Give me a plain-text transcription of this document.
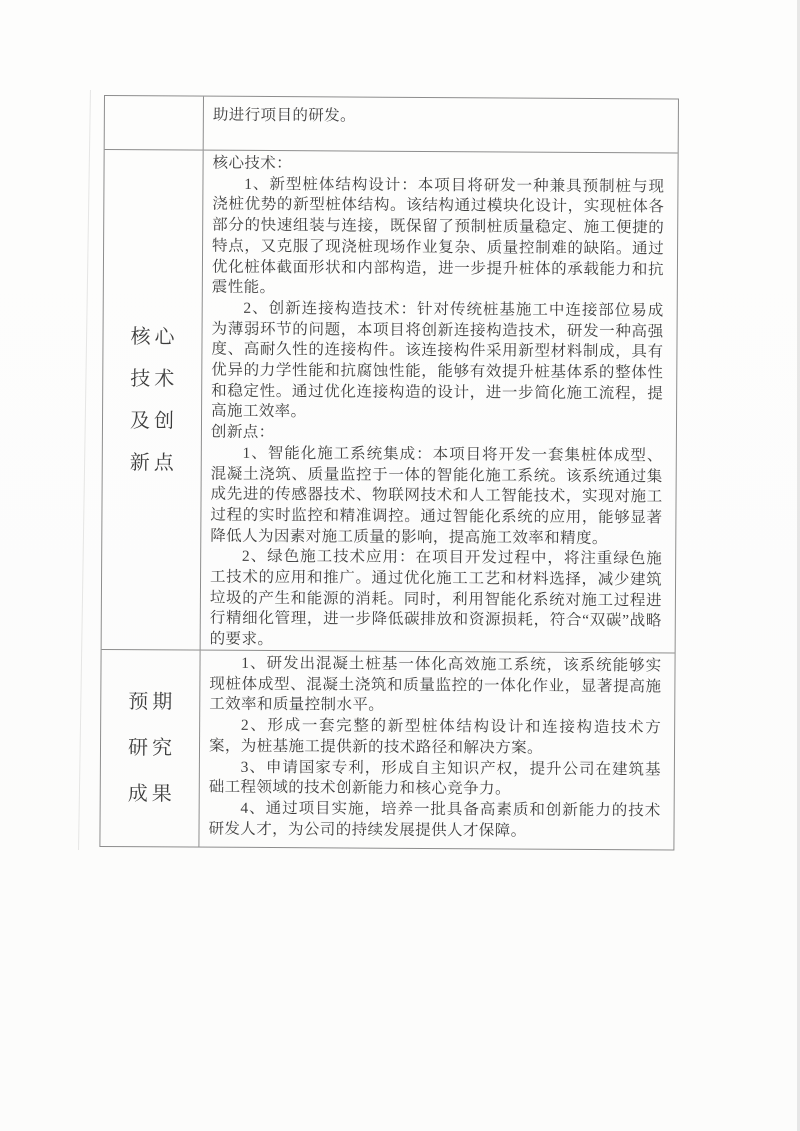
助进行项目的研发。

核心
技术
及创
新点

核心技术：

1、新型桩体结构设计：本项目将研发一种兼具预制桩与现浇桩优势的新型桩体结构。该结构通过模块化设计，实现桩体各部分的快速组装与连接，既保留了预制桩质量稳定、施工便捷的特点，又克服了现浇桩现场作业复杂、质量控制难的缺陷。通过优化桩体截面形状和内部构造，进一步提升桩体的承载能力和抗震性能。

2、创新连接构造技术：针对传统桩基施工中连接部位易成为薄弱环节的问题，本项目将创新连接构造技术，研发一种高强度、高耐久性的连接构件。该连接构件采用新型材料制成，具有优异的力学性能和抗腐蚀性能，能够有效提升桩基体系的整体性和稳定性。通过优化连接构造的设计，进一步简化施工流程，提高施工效率。

创新点：

1、智能化施工系统集成：本项目将开发一套集桩体成型、混凝土浇筑、质量监控于一体的智能化施工系统。该系统通过集成先进的传感器技术、物联网技术和人工智能技术，实现对施工过程的实时监控和精准调控。通过智能化系统的应用，能够显著降低人为因素对施工质量的影响，提高施工效率和精度。

2、绿色施工技术应用：在项目开发过程中，将注重绿色施工技术的应用和推广。通过优化施工工艺和材料选择，减少建筑垃圾的产生和能源的消耗。同时，利用智能化系统对施工过程进行精细化管理，进一步降低碳排放和资源损耗，符合“双碳”战略的要求。

预期
研究
成果

1、研发出混凝土桩基一体化高效施工系统，该系统能够实现桩体成型、混凝土浇筑和质量监控的一体化作业，显著提高施工效率和质量控制水平。

2、形成一套完整的新型桩体结构设计和连接构造技术方案，为桩基施工提供新的技术路径和解决方案。

3、申请国家专利，形成自主知识产权，提升公司在建筑基础工程领域的技术创新能力和核心竞争力。

4、通过项目实施，培养一批具备高素质和创新能力的技术研发人才，为公司的持续发展提供人才保障。
